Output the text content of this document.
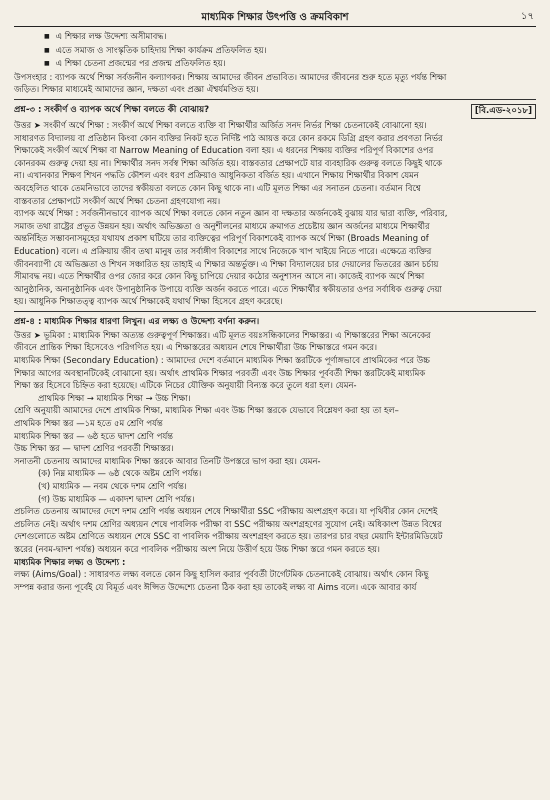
মাধ্যমিক শিক্ষার উৎপত্তি ও ক্রমবিকাশ	১৭
■ এ শিক্ষার লক্ষ উদ্দেশ্য অসীমাবদ্ধ।
■ এতে সমাজ ও সাংস্কৃতিক চাহিদায় শিক্ষা কার্যক্রম প্রতিফলিত হয়।
■ এ শিক্ষা চেতনা প্রজন্মের পর প্রজন্ম প্রতিফলিত হয়।
উপসংহার : ব্যাপক অর্থে শিক্ষা সর্বজনীন কল্যাণকর। শিক্ষায় আমাদের জীবন প্রভাবিত। আমাদের জীবনের শুরু হতে মৃত্যু পর্যন্ত শিক্ষা
জড়িত। শিক্ষার মাধ্যমেই আমাদের জ্ঞান, দক্ষতা এবং প্রজ্ঞা ঐশ্বর্যমণ্ডিত হয়।
প্রশ্ন-৩ : সংকীর্ণ ও ব্যাপক অর্থে শিক্ষা বলতে কী বোঝায়?	[বি.এড-২০১৮]
উত্তর ➤ সংকীর্ণ অর্থে শিক্ষা : সংকীর্ণ অর্থে শিক্ষা বলতে ব্যক্তি বা শিক্ষার্থীর অর্জিত সনদ নির্ভর শিক্ষা চেতনাকেই বোঝানো হয়।
সাধারণত বিদ্যালয় বা প্রতিষ্ঠান কিংবা কোন ব্যক্তির নিকট হতে নির্দিষ্ট পাঠ আয়ত্ত করে কোন রকমে ডিগ্রি গ্রহণ করার প্রবণতা নির্ভর
শিক্ষাকেই সংকীর্ণ অর্থে শিক্ষা বা Narrow Meaning of Education বলা হয়। এ ধরনের শিক্ষায় ব্যক্তির পরিপূর্ণ বিকাশের ওপর
কোনরকম গুরুত্ব দেয়া হয় না। শিক্ষার্থীর সনদ সর্বস্ব শিক্ষা অর্জিত হয়। বাস্তবতার প্রেক্ষাপটে যার ব্যবহারিক গুরুত্ব বলতে কিছুই থাকে
না। এখানকার শিক্ষণ শিখন পদ্ধতি কৌশল এবং ধরণ প্রক্রিয়াও আধুনিকতা বর্জিত হয়। এখানে শিক্ষায় শিক্ষার্থীর বিকাশ যেমন
অবহেলিত থাকে তেমনিভাবে তাদের স্বকীয়তা বলতে কোন কিছু থাকে না। এটি মূলত শিক্ষা এর সনাতন চেতনা। বর্তমান বিশ্বে
বাস্তবতার প্রেক্ষাপটে সংকীর্ণ অর্থে শিক্ষা চেতনা গ্রহণযোগ্য নয়।
ব্যাপক অর্থে শিক্ষা : সর্বজনীনভাবে ব্যাপক অর্থে শিক্ষা বলতে কোন নতুন জ্ঞান বা দক্ষতার অর্জনকেই বুঝায় যার দ্বারা ব্যক্তি, পরিবার,
সমাজ তথা রাষ্ট্রের প্রভূত উন্নয়ন হয়। অর্থাৎ অভিজ্ঞতা ও অনুশীলনের মাধ্যমে ক্রমাগত প্রচেষ্টায় জ্ঞান অর্জনের মাধ্যমে শিক্ষার্থীর
অন্তর্নিহিত সম্ভাবনাসমূহের যথাযথ প্রকাশ ঘটিয়ে তার ব্যক্তিত্বের পরিপূর্ণ বিকাশকেই ব্যাপক অর্থে শিক্ষা (Broads Meaning of
Education) বলে। এ প্রক্রিয়ায় জীব তথা মানুষ তার সর্বাঙ্গীণ বিকাশের সাথে নিজেকে খাপ খাইয়ে নিতে পারে। এক্ষেত্রে ব্যক্তির
জীবনব্যাপী যে অভিজ্ঞতা ও শিখন সঞ্চারিত হয় তাহাই এ শিক্ষার অন্তর্ভুক্ত। এ শিক্ষা বিদ্যালয়ের চার দেয়ালের ভিতরের জ্ঞান চর্চায়
সীমাবদ্ধ নয়। এতে শিক্ষার্থীর ওপর জোর করে কোন কিছু চাপিয়ে দেয়ার কঠোর অনুশাসন আসে না। কাজেই ব্যাপক অর্থে শিক্ষা
আনুষ্ঠানিক, অনানুষ্ঠানিক এবং উপানুষ্ঠানিক উপায়ে ব্যক্তি অর্জন করতে পারে। এতে শিক্ষার্থীর স্বকীয়তার ওপর সর্বাধিক গুরুত্ব দেয়া
হয়। আধুনিক শিক্ষাতত্ত্ব ব্যাপক অর্থে শিক্ষাকেই যথার্থ শিক্ষা হিসেবে গ্রহণ করেছে।
প্রশ্ন-৪ : মাধ্যমিক শিক্ষার ধারণা লিখুন। এর লক্ষ্য ও উদ্দেশ্য বর্ণনা করুন।
উত্তর ➤ ভূমিকা : মাধ্যমিক শিক্ষা অত্যন্ত গুরুত্বপূর্ণ শিক্ষাস্তর। এটি মূলত বয়ঃসন্ধিকালের শিক্ষাস্তর। এ শিক্ষাস্তরের শিক্ষা অনেকের
জীবনে প্রান্তিক শিক্ষা হিসেবেও পরিগণিত হয়। এ শিক্ষাস্তরের অধ্যয়ন শেষে শিক্ষার্থীরা উচ্চ শিক্ষাস্তরে গমন করে।
মাধ্যমিক শিক্ষা (Secondary Education) : আমাদের দেশে বর্তমানে মাধ্যমিক শিক্ষা স্তরটিকে পূর্ণাঙ্গভাবে প্রাথমিকের পরে উচ্চ
শিক্ষার আগের অবস্থানটিকেই বোঝানো হয়। অর্থাৎ প্রাথমিক শিক্ষার পরবর্তী এবং উচ্চ শিক্ষার পূর্ববর্তী শিক্ষা স্তরটিকেই মাধ্যমিক
শিক্ষা স্তর হিসেবে চিহ্নিত করা হয়েছে। এটিকে নিচের যৌক্তিক অনুযায়ী বিন্যস্ত করে তুলে ধরা হল। যেমন-
প্রাথমিক শিক্ষা → মাধ্যমিক শিক্ষা → উচ্চ শিক্ষা।
শ্রেণি অনুযায়ী আমাদের দেশে প্রাথমিক শিক্ষা, মাধ্যমিক শিক্ষা এবং উচ্চ শিক্ষা স্তরকে যেভাবে বিশ্লেষণ করা হয় তা হল–
প্রাথমিক শিক্ষা স্তর —১ম হতে ৫ম শ্রেণি পর্যন্ত
মাধ্যমিক শিক্ষা স্তর — ৬ষ্ঠ হতে দ্বাদশ শ্রেণি পর্যন্ত
উচ্চ শিক্ষা স্তর — দ্বাদশ শ্রেণির পরবর্তী শিক্ষাস্তর।
সনাতনী চেতনায় আমাদের মাধ্যমিক শিক্ষা স্তরকে আবার তিনটি উপস্তরে ভাগ করা হয়। যেমন-
(ক) নিম্ন মাধ্যমিক — ৬ষ্ঠ থেকে অষ্টম শ্রেণি পর্যন্ত।
(খ) মাধ্যমিক — নবম থেকে দশম শ্রেণি পর্যন্ত।
(গ) উচ্চ মাধ্যমিক — একাদশ দ্বাদশ শ্রেণি পর্যন্ত।
প্রচলিত চেতনায় আমাদের দেশে দশম শ্রেণি পর্যন্ত অধ্যয়ন শেষে শিক্ষার্থীরা SSC পরীক্ষায় অংশগ্রহণ করে। যা পৃথিবীর কোন দেশেই
প্রচলিত নেই। অর্থাৎ দশম শ্রেণির অধ্যয়ন শেষে পাবলিক পরীক্ষা বা SSC পরীক্ষায় অংশগ্রহণের সুযোগ নেই। অধিকাংশ উন্নত বিশ্বের
দেশগুলোতে অষ্টম শ্রেণিতে অধ্যয়ন শেষে SSC বা পাবলিক পরীক্ষায় অংশগ্রহণ করতে হয়। তারপর চার বছর মেয়াদি ইন্টারমিডিয়েট
স্তরের (নবম-দ্বাদশ পর্যন্ত) অধ্যয়ন করে পাবলিক পরীক্ষায় অংশ নিয়ে উত্তীর্ণ হয়ে উচ্চ শিক্ষা স্তরে গমন করতে হয়।
মাধ্যমিক শিক্ষার লক্ষ্য ও উদ্দেশ্য :
লক্ষ্য (Aims/Goal) : সাধারণত লক্ষ্য বলতে কোন কিছু হাসিল করার পূর্ববর্তী টার্গেটমিক চেতনাকেই বোঝায়। অর্থাৎ কোন কিছু
সম্পন্ন করার জন্য পূর্বেই যে বিমূর্ত এবং ঈপ্সিত উদ্দেশ্যে চেতনা ঠিক করা হয় তাকেই লক্ষ্য বা Aims বলে। একে আবার কার্য
